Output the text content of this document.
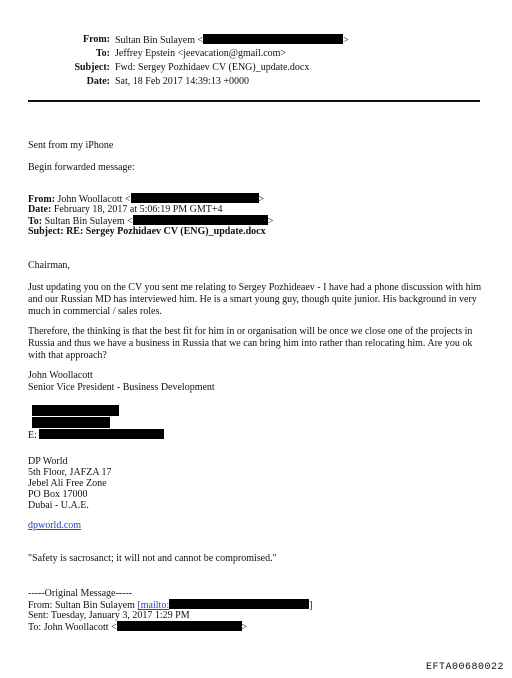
From: Sultan Bin Sulayem <	>
To: Jeffrey Epstein <jeevacation@gmail.com>
Subject: Fwd: Sergey Pozhidaev CV (ENG)_update.docx
Date: Sat, 18 Feb 2017 14:39:13 +0000
Sent from my iPhone
Begin forwarded message:
From: John Woollacott <	>
Date: February 18, 2017 at 5:06:19 PM GMT+4
To: Sultan Bin Sulayem <	>
Subject: RE: Sergey Pozhidaev CV (ENG)_update.docx
Chairman,

Just updating you on the CV you sent me relating to Sergey Pozhideaev - I have had a phone discussion with him and our Russian MD has interviewed him. He is a smart young guy, though quite junior. His background in very much in commercial / sales roles.

Therefore, the thinking is that the best fit for him in or organisation will be once we close one of the projects in Russia and thus we have a business in Russia that we can bring him into rather than relocating him. Are you ok with that approach?

John Woollacott
Senior Vice President - Business Development
E:
DP World
5th Floor, JAFZA 17
Jebel Ali Free Zone
PO Box 17000
Dubai - U.A.E.
dpworld.com
"Safety is sacrosanct; it will not and cannot be compromised."
-----Original Message-----
From: Sultan Bin Sulayem [mailto:	]
Sent: Tuesday, January 3, 2017 1:29 PM
To: John Woollacott <	>
EFTA00680022
